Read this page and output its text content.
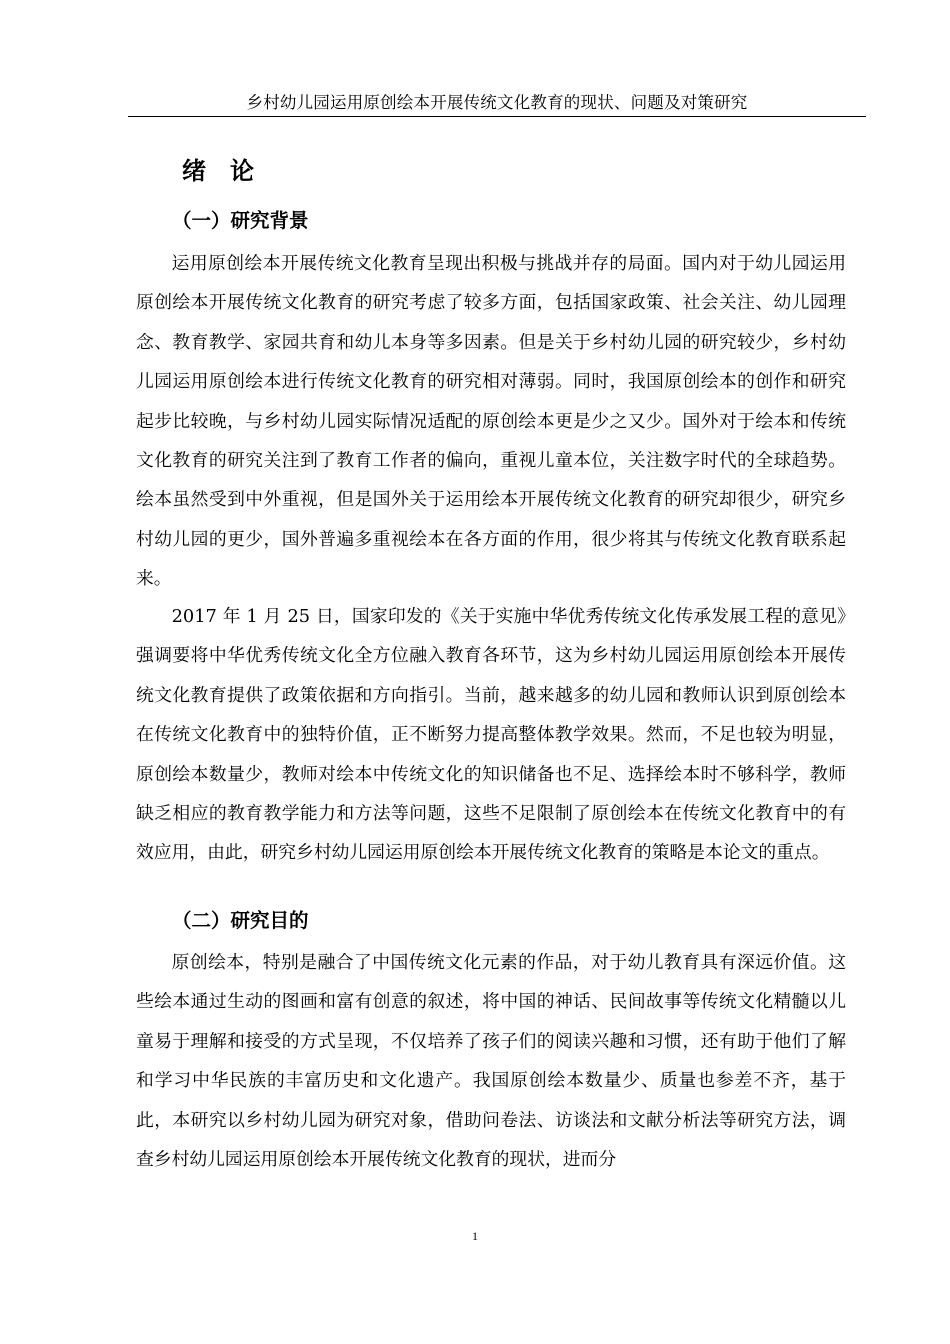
乡村幼儿园运用原创绘本开展传统文化教育的现状、问题及对策研究
绪　论
（一）研究背景

运用原创绘本开展传统文化教育呈现出积极与挑战并存的局面。国内对于幼儿园运用原创绘本开展传统文化教育的研究考虑了较多方面，包括国家政策、社会关注、幼儿园理念、教育教学、家园共育和幼儿本身等多因素。但是关于乡村幼儿园的研究较少，乡村幼儿园运用原创绘本进行传统文化教育的研究相对薄弱。同时，我国原创绘本的创作和研究起步比较晚，与乡村幼儿园实际情况适配的原创绘本更是少之又少。国外对于绘本和传统文化教育的研究关注到了教育工作者的偏向，重视儿童本位，关注数字时代的全球趋势。绘本虽然受到中外重视，但是国外关于运用绘本开展传统文化教育的研究却很少，研究乡村幼儿园的更少，国外普遍多重视绘本在各方面的作用，很少将其与传统文化教育联系起来。

2017 年 1 月 25 日，国家印发的《关于实施中华优秀传统文化传承发展工程的意见》强调要将中华优秀传统文化全方位融入教育各环节，这为乡村幼儿园运用原创绘本开展传统文化教育提供了政策依据和方向指引。当前，越来越多的幼儿园和教师认识到原创绘本在传统文化教育中的独特价值，正不断努力提高整体教学效果。然而，不足也较为明显，原创绘本数量少，教师对绘本中传统文化的知识储备也不足、选择绘本时不够科学，教师缺乏相应的教育教学能力和方法等问题，这些不足限制了原创绘本在传统文化教育中的有效应用，由此，研究乡村幼儿园运用原创绘本开展传统文化教育的策略是本论文的重点。

（二）研究目的

原创绘本，特别是融合了中国传统文化元素的作品，对于幼儿教育具有深远价值。这些绘本通过生动的图画和富有创意的叙述，将中国的神话、民间故事等传统文化精髓以儿童易于理解和接受的方式呈现，不仅培养了孩子们的阅读兴趣和习惯，还有助于他们了解和学习中华民族的丰富历史和文化遗产。我国原创绘本数量少、质量也参差不齐，基于此，本研究以乡村幼儿园为研究对象，借助问卷法、访谈法和文献分析法等研究方法，调查乡村幼儿园运用原创绘本开展传统文化教育的现状，进而分

1
